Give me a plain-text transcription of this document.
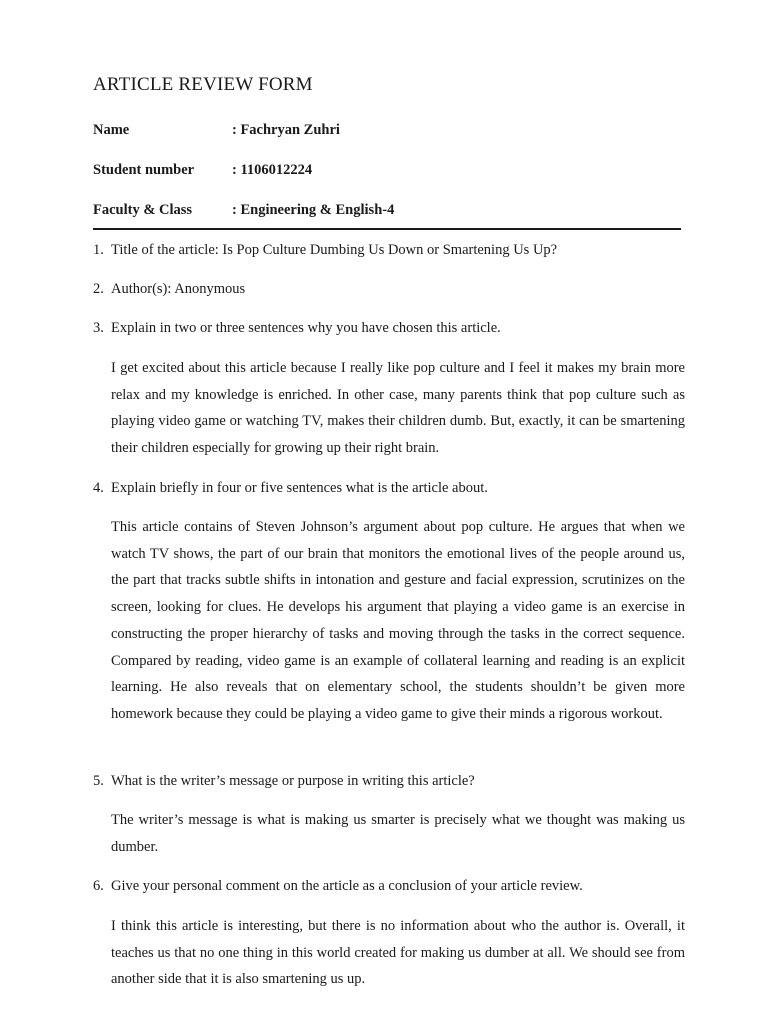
ARTICLE REVIEW FORM
Name	: Fachryan Zuhri
Student number	: 1106012224
Faculty & Class	: Engineering & English-4
1. Title of the article: Is Pop Culture Dumbing Us Down or Smartening Us Up?
2. Author(s): Anonymous
3. Explain in two or three sentences why you have chosen this article.

I get excited about this article because I really like pop culture and I feel it makes my brain more relax and my knowledge is enriched. In other case, many parents think that pop culture such as playing video game or watching TV, makes their children dumb. But, exactly, it can be smartening their children especially for growing up their right brain.

4. Explain briefly in four or five sentences what is the article about.

This article contains of Steven Johnson’s argument about pop culture. He argues that when we watch TV shows, the part of our brain that monitors the emotional lives of the people around us, the part that tracks subtle shifts in intonation and gesture and facial expression, scrutinizes on the screen, looking for clues. He develops his argument that playing a video game is an exercise in constructing the proper hierarchy of tasks and moving through the tasks in the correct sequence. Compared by reading, video game is an example of collateral learning and reading is an explicit learning. He also reveals that on elementary school, the students shouldn’t be given more homework because they could be playing a video game to give their minds a rigorous workout.

5. What is the writer’s message or purpose in writing this article?

The writer’s message is what is making us smarter is precisely what we thought was making us dumber.

6. Give your personal comment on the article as a conclusion of your article review.

I think this article is interesting, but there is no information about who the author is. Overall, it teaches us that no one thing in this world created for making us dumber at all. We should see from another side that it is also smartening us up.
